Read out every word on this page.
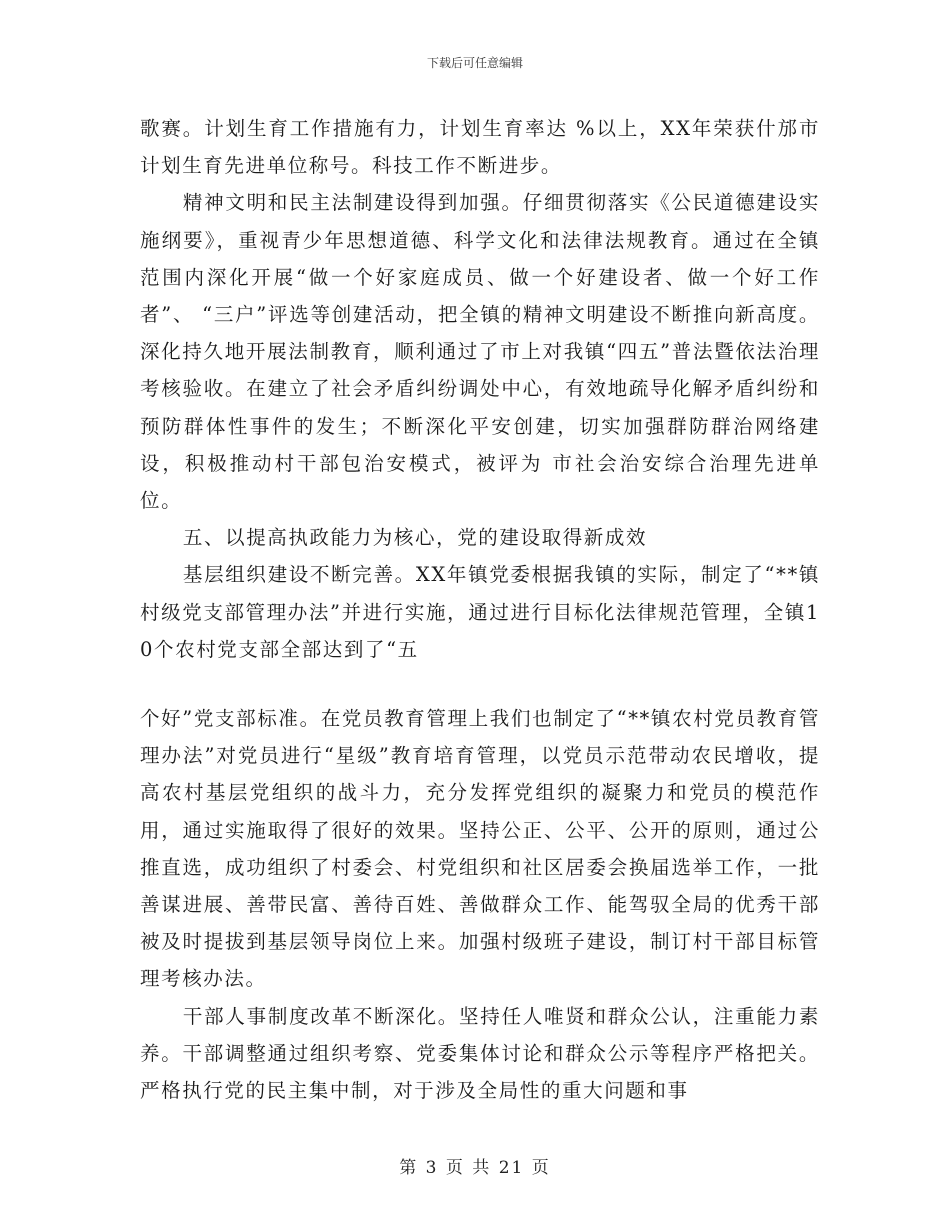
下载后可任意编辑

歌赛。计划生育工作措施有力，计划生育率达 %以上，XX年荣获什邡市计划生育先进单位称号。科技工作不断进步。

精神文明和民主法制建设得到加强。仔细贯彻落实《公民道德建设实施纲要》，重视青少年思想道德、科学文化和法律法规教育。通过在全镇范围内深化开展“做一个好家庭成员、做一个好建设者、做一个好工作者”、 “三户”评选等创建活动，把全镇的精神文明建设不断推向新高度。深化持久地开展法制教育，顺利通过了市上对我镇“四五”普法暨依法治理考核验收。在建立了社会矛盾纠纷调处中心，有效地疏导化解矛盾纠纷和预防群体性事件的发生；不断深化平安创建，切实加强群防群治网络建设，积极推动村干部包治安模式，被评为 市社会治安综合治理先进单位。

五、以提高执政能力为核心，党的建设取得新成效

基层组织建设不断完善。XX年镇党委根据我镇的实际，制定了“**镇村级党支部管理办法”并进行实施，通过进行目标化法律规范管理，全镇10个农村党支部全部达到了“五

个好”党支部标准。在党员教育管理上我们也制定了“**镇农村党员教育管理办法”对党员进行“星级”教育培育管理，以党员示范带动农民增收，提高农村基层党组织的战斗力，充分发挥党组织的凝聚力和党员的模范作用，通过实施取得了很好的效果。坚持公正、公平、公开的原则，通过公推直选，成功组织了村委会、村党组织和社区居委会换届选举工作，一批善谋进展、善带民富、善待百姓、善做群众工作、能驾驭全局的优秀干部被及时提拔到基层领导岗位上来。加强村级班子建设，制订村干部目标管理考核办法。

干部人事制度改革不断深化。坚持任人唯贤和群众公认，注重能力素养。干部调整通过组织考察、党委集体讨论和群众公示等程序严格把关。严格执行党的民主集中制，对于涉及全局性的重大问题和事

第 3 页 共 21 页
